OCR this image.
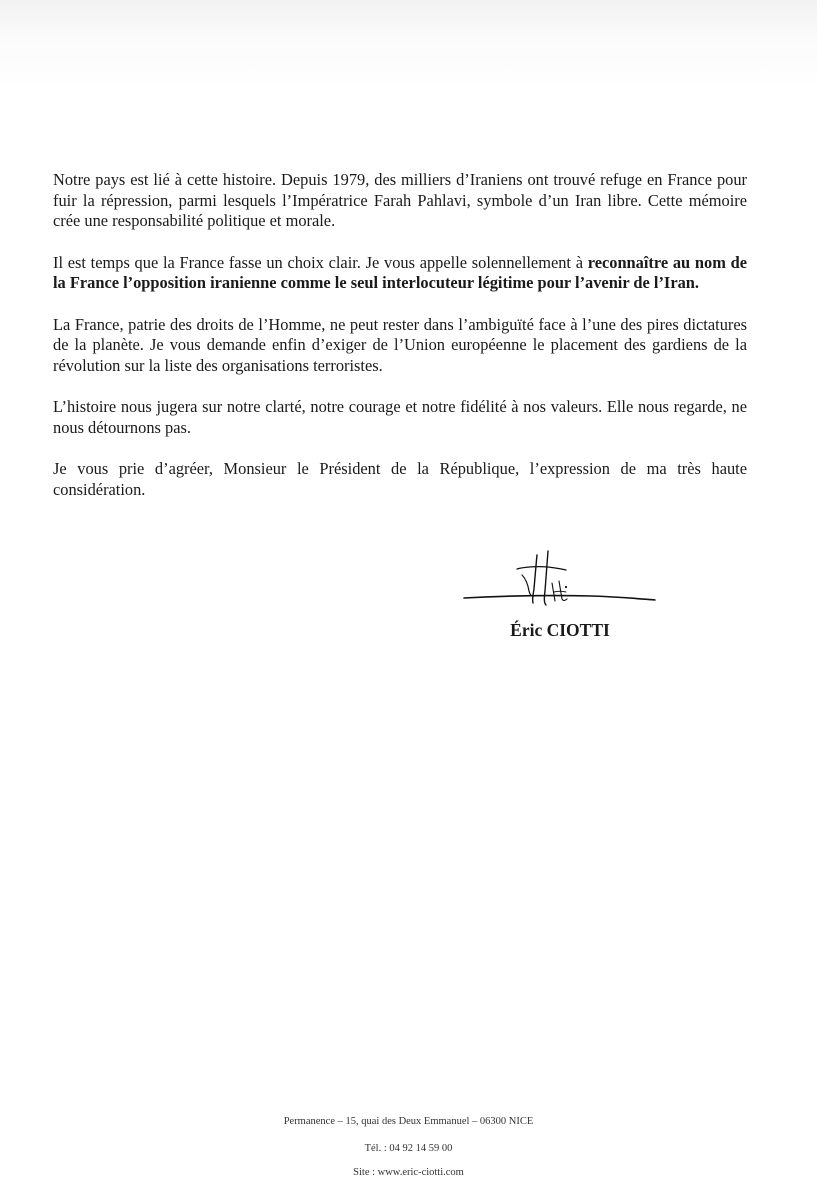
Notre pays est lié à cette histoire. Depuis 1979, des milliers d’Iraniens ont trouvé refuge en France pour fuir la répression, parmi lesquels l’Impératrice Farah Pahlavi, symbole d’un Iran libre. Cette mémoire crée une responsabilité politique et morale.

Il est temps que la France fasse un choix clair. Je vous appelle solennellement à reconnaître au nom de la France l’opposition iranienne comme le seul interlocuteur légitime pour l’avenir de l’Iran.

La France, patrie des droits de l’Homme, ne peut rester dans l’ambiguïté face à l’une des pires dictatures de la planète. Je vous demande enfin d’exiger de l’Union européenne le placement des gardiens de la révolution sur la liste des organisations terroristes.

L’histoire nous jugera sur notre clarté, notre courage et notre fidélité à nos valeurs. Elle nous regarde, ne nous détournons pas.

Je vous prie d’agréer, Monsieur le Président de la République, l’expression de ma très haute considération.

Éric CIOTTI
Permanence – 15, quai des Deux Emmanuel – 06300 NICE
Tél. : 04 92 14 59 00
Site : www.eric-ciotti.com
